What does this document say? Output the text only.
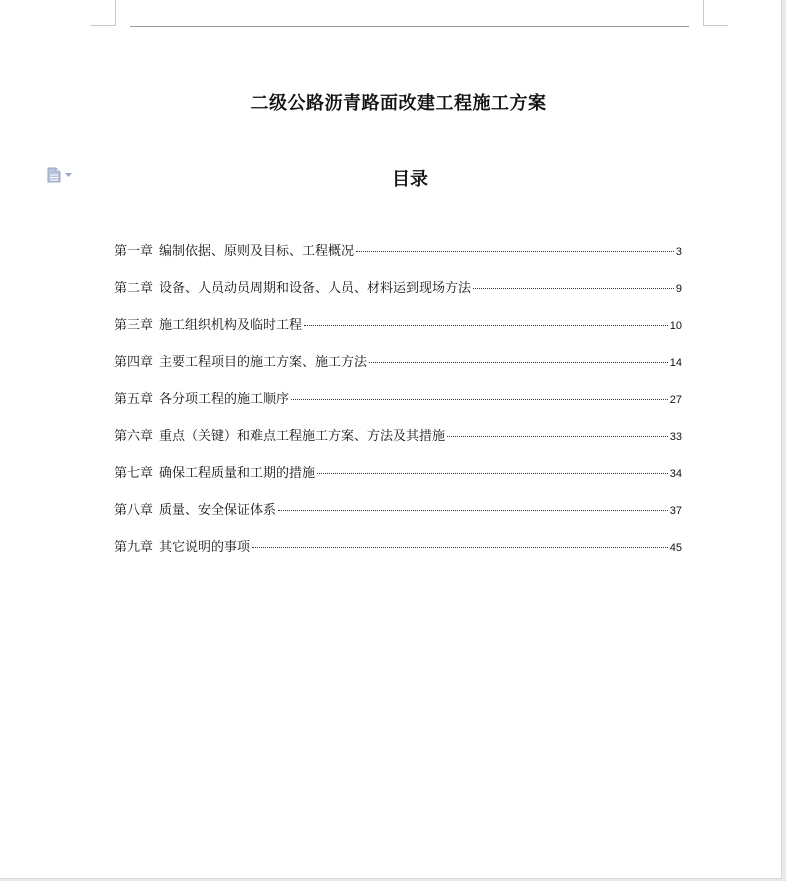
二级公路沥青路面改建工程施工方案
目录
第一章 编制依据、原则及目标、工程概况	3
第二章 设备、人员动员周期和设备、人员、材料运到现场方法	9
第三章 施工组织机构及临时工程	10
第四章 主要工程项目的施工方案、施工方法	14
第五章 各分项工程的施工顺序	27
第六章 重点（关键）和难点工程施工方案、方法及其措施	33
第七章 确保工程质量和工期的措施	34
第八章 质量、安全保证体系	37
第九章 其它说明的事项	45
